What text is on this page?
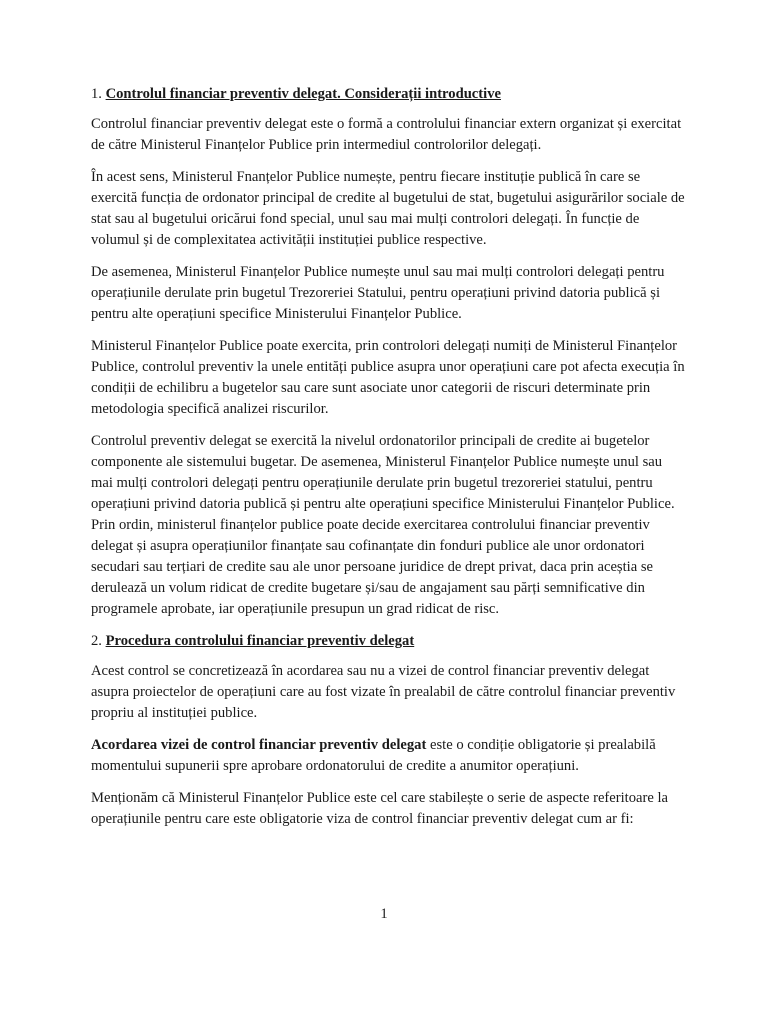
1. Controlul financiar preventiv delegat. Considerații introductive

Controlul financiar preventiv delegat este o formă a controlului financiar extern organizat și exercitat de către Ministerul Finanțelor Publice prin intermediul controlorilor delegați.

În acest sens, Ministerul Fnanțelor Publice numește, pentru fiecare instituție publică în care se exercită funcția de ordonator principal de credite al bugetului de stat, bugetului asigurărilor sociale de stat sau al bugetului oricărui fond special, unul sau mai mulți controlori delegați. În funcție de volumul și de complexitatea activității instituției publice respective.

De asemenea, Ministerul Finanțelor Publice numește unul sau mai mulți controlori delegați pentru operațiunile derulate prin bugetul Trezoreriei Statului, pentru operațiuni privind datoria publică și pentru alte operațiuni specifice Ministerului Finanțelor Publice.

Ministerul Finanțelor Publice poate exercita, prin controlori delegați numiți de Ministerul Finanțelor Publice, controlul preventiv la unele entități publice asupra unor operațiuni care pot afecta execuția în condiții de echilibru a bugetelor sau care sunt asociate unor categorii de riscuri determinate prin metodologia specifică analizei riscurilor.

Controlul preventiv delegat se exercită la nivelul ordonatorilor principali de credite ai bugetelor componente ale sistemului bugetar. De asemenea, Ministerul Finanțelor Publice numește unul sau mai mulți controlori delegați pentru operațiunile derulate prin bugetul trezoreriei statului, pentru operațiuni privind datoria publică și pentru alte operațiuni specifice Ministerului Finanțelor Publice. Prin ordin, ministerul finanțelor publice poate decide exercitarea controlului financiar preventiv delegat și asupra operațiunilor finanțate sau cofinanțate din fonduri publice ale unor ordonatori secudari sau terțiari de credite sau ale unor persoane juridice de drept privat, daca prin aceștia se derulează un volum ridicat de credite bugetare și/sau de angajament sau părți semnificative din programele aprobate, iar operațiunile presupun un grad ridicat de risc.

2. Procedura controlului financiar preventiv delegat

Acest control se concretizează în acordarea sau nu a vizei de control financiar preventiv delegat asupra proiectelor de operațiuni care au fost vizate în prealabil de către controlul financiar preventiv propriu al instituției publice.

Acordarea vizei de control financiar preventiv delegat este o condiție obligatorie și prealabilă momentului supunerii spre aprobare ordonatorului de credite a anumitor operațiuni.

Menționăm că Ministerul Finanțelor Publice este cel care stabilește o serie de aspecte referitoare la operațiunile pentru care este obligatorie viza de control financiar preventiv delegat cum ar fi:

1
